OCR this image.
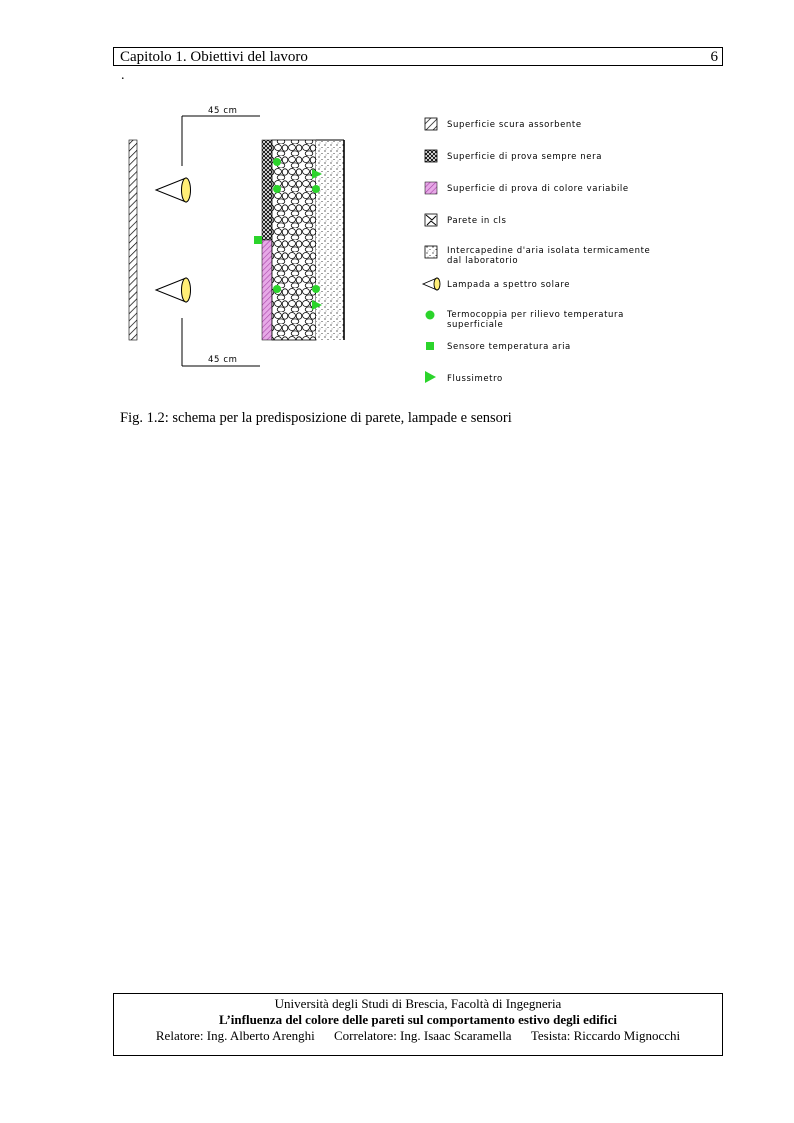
Capitolo 1. Obiettivi del lavoro	6
.
45 cm
45 cm
Superficie scura assorbente
Superficie di prova sempre nera
Superficie di prova di colore variabile
Parete in cls
Intercapedine d'aria isolata termicamente
dal laboratorio
Lampada a spettro solare
Termocoppia per rilievo temperatura
superficiale
Sensore temperatura aria
Flussimetro
Fig. 1.2: schema per la predisposizione di parete, lampade e sensori
Università degli Studi di Brescia, Facoltà di Ingegneria
L’influenza del colore delle pareti sul comportamento estivo degli edifici
Relatore: Ing. Alberto Arenghi Correlatore: Ing. Isaac Scaramella Tesista: Riccardo Mignocchi
